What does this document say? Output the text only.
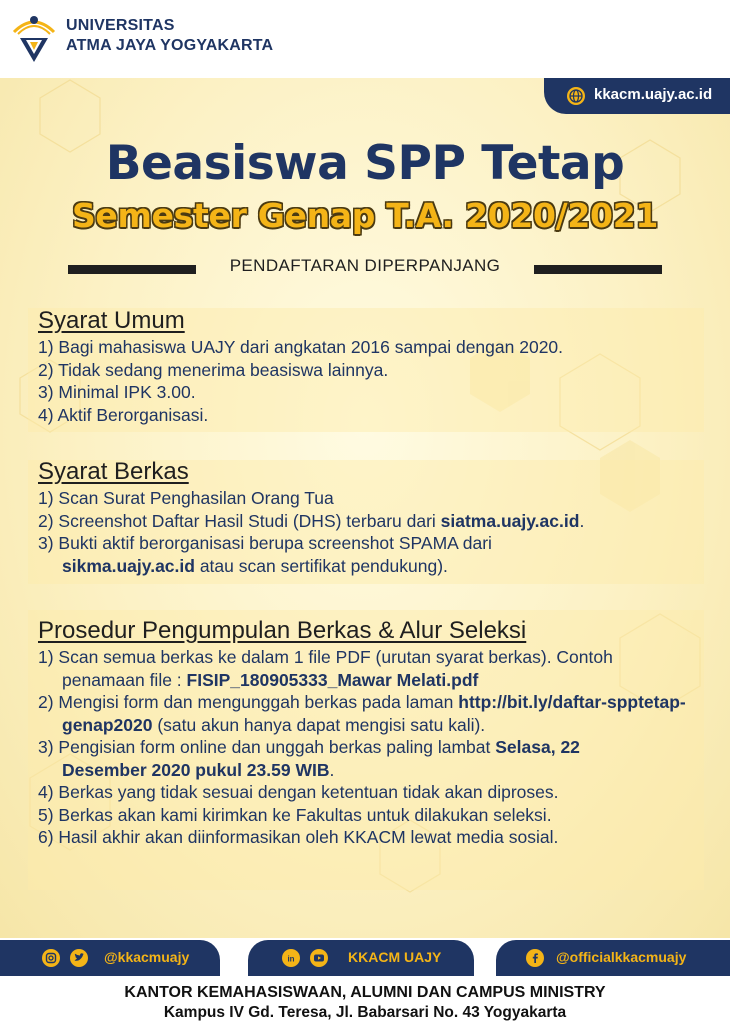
UNIVERSITAS
ATMA JAYA YOGYAKARTA
kkacm.uajy.ac.id
Beasiswa SPP Tetap
Semester Genap T.A. 2020/2021
PENDAFTARAN DIPERPANJANG
Syarat Umum
1) Bagi mahasiswa UAJY dari angkatan 2016 sampai dengan 2020.
2) Tidak sedang menerima beasiswa lainnya.
3) Minimal IPK 3.00.
4) Aktif Berorganisasi.
Syarat Berkas
1) Scan Surat Penghasilan Orang Tua
2) Screenshot Daftar Hasil Studi (DHS) terbaru dari siatma.uajy.ac.id.
3) Bukti aktif berorganisasi berupa screenshot SPAMA dari sikma.uajy.ac.id atau scan sertifikat pendukung).
Prosedur Pengumpulan Berkas & Alur Seleksi
1) Scan semua berkas ke dalam 1 file PDF (urutan syarat berkas). Contoh penamaan file : FISIP_180905333_Mawar Melati.pdf
2) Mengisi form dan mengunggah berkas pada laman http://bit.ly/daftar-spptetap-genap2020 (satu akun hanya dapat mengisi satu kali).
3) Pengisian form online dan unggah berkas paling lambat Selasa, 22 Desember 2020 pukul 23.59 WIB.
4) Berkas yang tidak sesuai dengan ketentuan tidak akan diproses.
5) Berkas akan kami kirimkan ke Fakultas untuk dilakukan seleksi.
6) Hasil akhir akan diinformasikan oleh KKACM lewat media sosial.
@kkacmuajy	in	KKACM UAJY	@officialkkacmuajy
KANTOR KEMAHASISWAAN, ALUMNI DAN CAMPUS MINISTRY
Kampus IV Gd. Teresa, Jl. Babarsari No. 43 Yogyakarta
